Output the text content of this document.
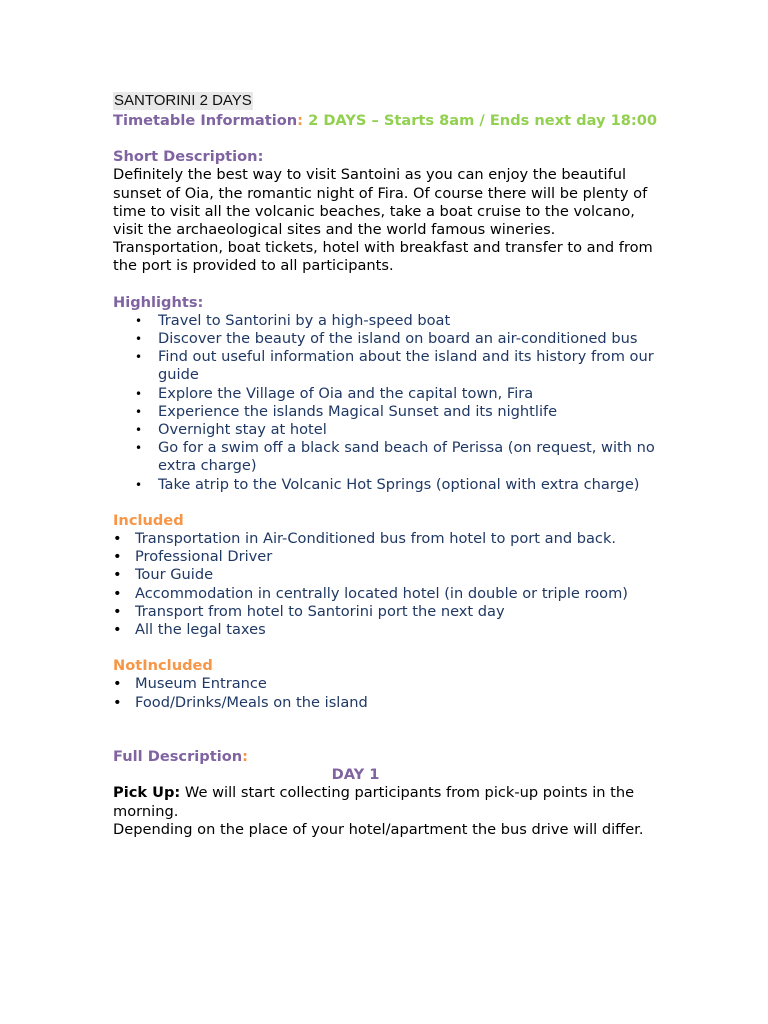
SANTORINI 2 DAYS
Timetable Information: 2 DAYS – Starts 8am / Ends next day 18:00
Short Description:

Definitely the best way to visit Santoini as you can enjoy the beautiful sunset of Oia, the romantic night of Fira. Of course there will be plenty of time to visit all the volcanic beaches, take a boat cruise to the volcano, visit the archaeological sites and the world famous wineries. Transportation, boat tickets, hotel with breakfast and transfer to and from the port is provided to all participants.

Highlights:
• Travel to Santorini by a high-speed boat
• Discover the beauty of the island on board an air-conditioned bus
• Find out useful information about the island and its history from our guide
• Explore the Village of Oia and the capital town, Fira
• Experience the islands Magical Sunset and its nightlife
• Overnight stay at hotel
• Go for a swim off a black sand beach of Perissa (on request, with no extra charge)
• Take atrip to the Volcanic Hot Springs (optional with extra charge)
Included
• Transportation in Air-Conditioned bus from hotel to port and back.
• Professional Driver
• Tour Guide
• Accommodation in centrally located hotel (in double or triple room)
• Transport from hotel to Santorini port the next day
• All the legal taxes
NotIncluded
• Museum Entrance
• Food/Drinks/Meals on the island
Full Description:
DAY 1

Pick Up: We will start collecting participants from pick-up points in the morning.

Depending on the place of your hotel/apartment the bus drive will differ.
